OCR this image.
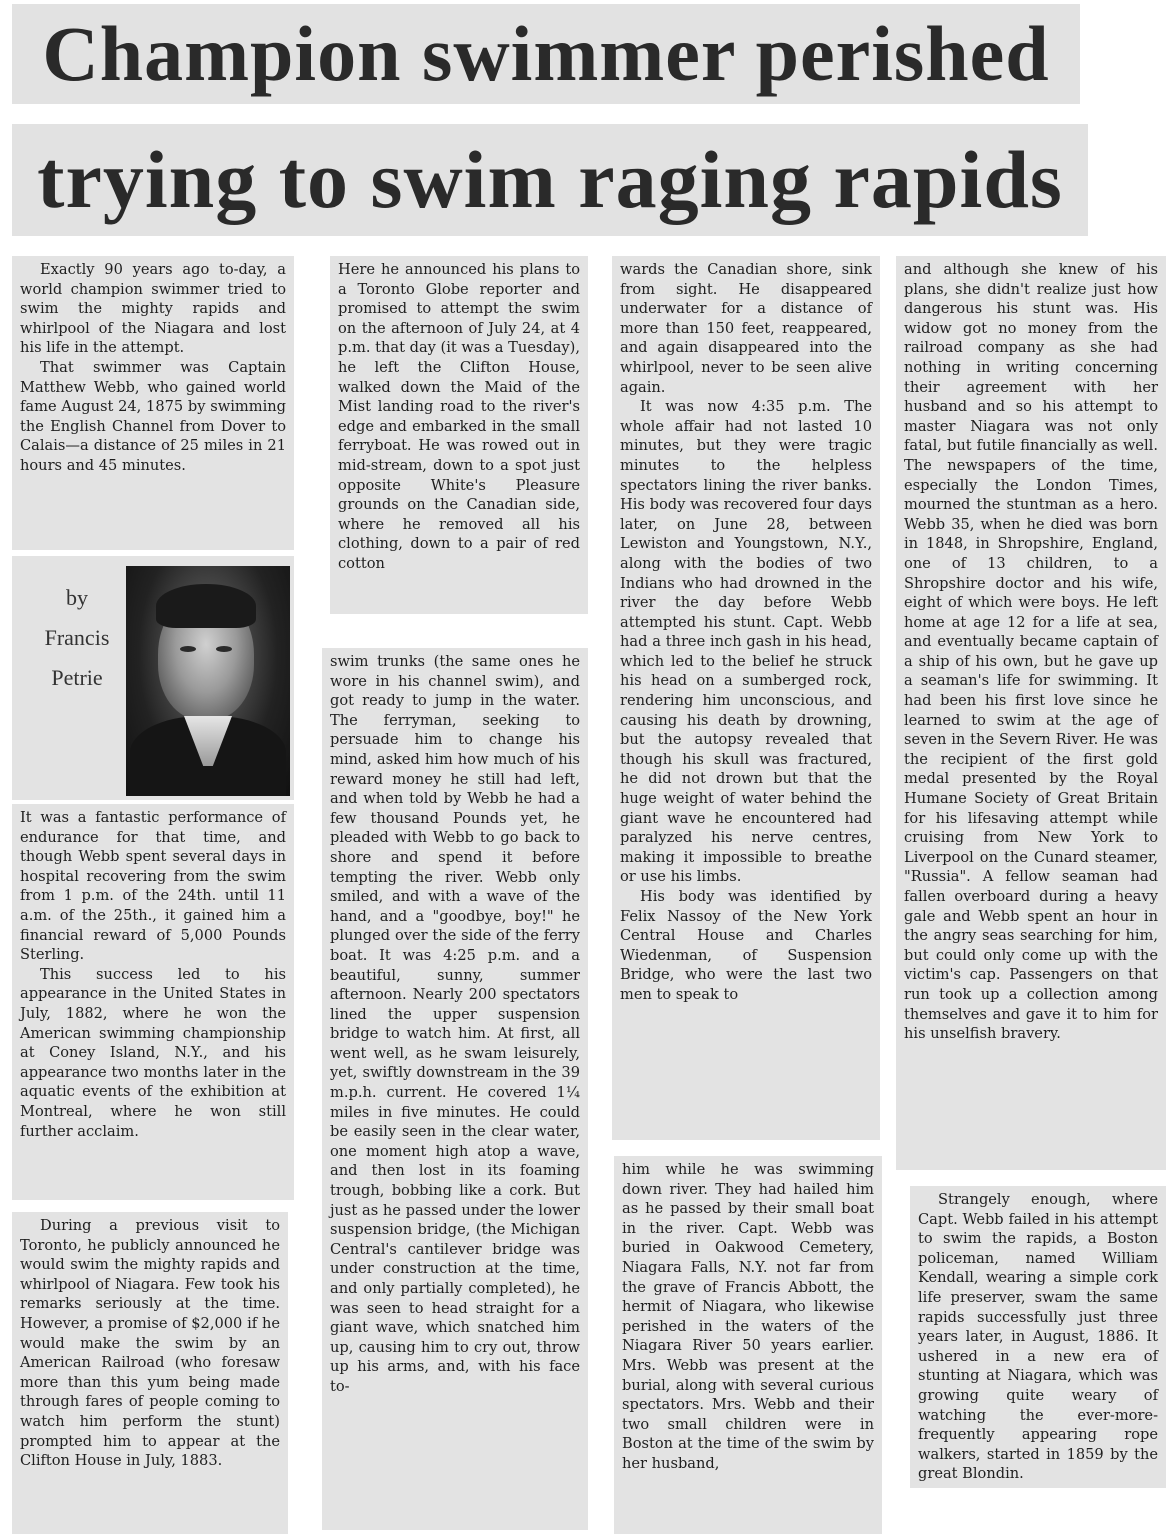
Champion swimmer perished
trying to swim raging rapids

Exactly 90 years ago to-day, a world champion swimmer tried to swim the mighty rapids and whirlpool of the Niagara and lost his life in the attempt.

That swimmer was Captain Matthew Webb, who gained world fame August 24, 1875 by swimming the English Channel from Dover to Calais—a distance of 25 miles in 21 hours and 45 minutes.

by
Francis
Petrie

It was a fantastic performance of endurance for that time, and though Webb spent several days in hospital recovering from the swim from 1 p.m. of the 24th. until 11 a.m. of the 25th., it gained him a financial reward of 5,000 Pounds Sterling.

This success led to his appearance in the United States in July, 1882, where he won the American swimming championship at Coney Island, N.Y., and his appearance two months later in the aquatic events of the exhibition at Montreal, where he won still further acclaim.

During a previous visit to Toronto, he publicly announced he would swim the mighty rapids and whirlpool of Niagara. Few took his remarks seriously at the time. However, a promise of $2,000 if he would make the swim by an American Railroad (who foresaw more than this yum being made through fares of people coming to watch him perform the stunt) prompted him to appear at the Clifton House in July, 1883.

Here he announced his plans to a Toronto Globe reporter and promised to attempt the swim on the afternoon of July 24, at 4 p.m. that day (it was a Tuesday), he left the Clifton House, walked down the Maid of the Mist landing road to the river's edge and embarked in the small ferryboat. He was rowed out in mid-stream, down to a spot just opposite White's Pleasure grounds on the Canadian side, where he removed all his clothing, down to a pair of red cotton

swim trunks (the same ones he wore in his channel swim), and got ready to jump in the water. The ferryman, seeking to persuade him to change his mind, asked him how much of his reward money he still had left, and when told by Webb he had a few thousand Pounds yet, he pleaded with Webb to go back to shore and spend it before tempting the river. Webb only smiled, and with a wave of the hand, and a "goodbye, boy!" he plunged over the side of the ferry boat. It was 4:25 p.m. and a beautiful, sunny, summer afternoon. Nearly 200 spectators lined the upper suspension bridge to watch him. At first, all went well, as he swam leisurely, yet, swiftly downstream in the 39 m.p.h. current. He covered 1¼ miles in five minutes. He could be easily seen in the clear water, one moment high atop a wave, and then lost in its foaming trough, bobbing like a cork. But just as he passed under the lower suspension bridge, (the Michigan Central's cantilever bridge was under construction at the time, and only partially completed), he was seen to head straight for a giant wave, which snatched him up, causing him to cry out, throw up his arms, and, with his face to-

wards the Canadian shore, sink from sight. He disappeared underwater for a distance of more than 150 feet, reappeared, and again disappeared into the whirlpool, never to be seen alive again.

It was now 4:35 p.m. The whole affair had not lasted 10 minutes, but they were tragic minutes to the helpless spectators lining the river banks. His body was recovered four days later, on June 28, between Lewiston and Youngstown, N.Y., along with the bodies of two Indians who had drowned in the river the day before Webb attempted his stunt. Capt. Webb had a three inch gash in his head, which led to the belief he struck his head on a sumberged rock, rendering him unconscious, and causing his death by drowning, but the autopsy revealed that though his skull was fractured, he did not drown but that the huge weight of water behind the giant wave he encountered had paralyzed his nerve centres, making it impossible to breathe or use his limbs.

His body was identified by Felix Nassoy of the New York Central House and Charles Wiedenman, of Suspension Bridge, who were the last two men to speak to

him while he was swimming down river. They had hailed him as he passed by their small boat in the river. Capt. Webb was buried in Oakwood Cemetery, Niagara Falls, N.Y. not far from the grave of Francis Abbott, the hermit of Niagara, who likewise perished in the waters of the Niagara River 50 years earlier. Mrs. Webb was present at the burial, along with several curious spectators. Mrs. Webb and their two small children were in Boston at the time of the swim by her husband,

and although she knew of his plans, she didn't realize just how dangerous his stunt was. His widow got no money from the railroad company as she had nothing in writing concerning their agreement with her husband and so his attempt to master Niagara was not only fatal, but futile financially as well. The newspapers of the time, especially the London Times, mourned the stuntman as a hero. Webb 35, when he died was born in 1848, in Shropshire, England, one of 13 children, to a Shropshire doctor and his wife, eight of which were boys. He left home at age 12 for a life at sea, and eventually became captain of a ship of his own, but he gave up a seaman's life for swimming. It had been his first love since he learned to swim at the age of seven in the Severn River. He was the recipient of the first gold medal presented by the Royal Humane Society of Great Britain for his lifesaving attempt while cruising from New York to Liverpool on the Cunard steamer, "Russia". A fellow seaman had fallen overboard during a heavy gale and Webb spent an hour in the angry seas searching for him, but could only come up with the victim's cap. Passengers on that run took up a collection among themselves and gave it to him for his unselfish bravery.

Strangely enough, where Capt. Webb failed in his attempt to swim the rapids, a Boston policeman, named William Kendall, wearing a simple cork life preserver, swam the same rapids successfully just three years later, in August, 1886. It ushered in a new era of stunting at Niagara, which was growing quite weary of watching the ever-more-frequently appearing rope walkers, started in 1859 by the great Blondin.
